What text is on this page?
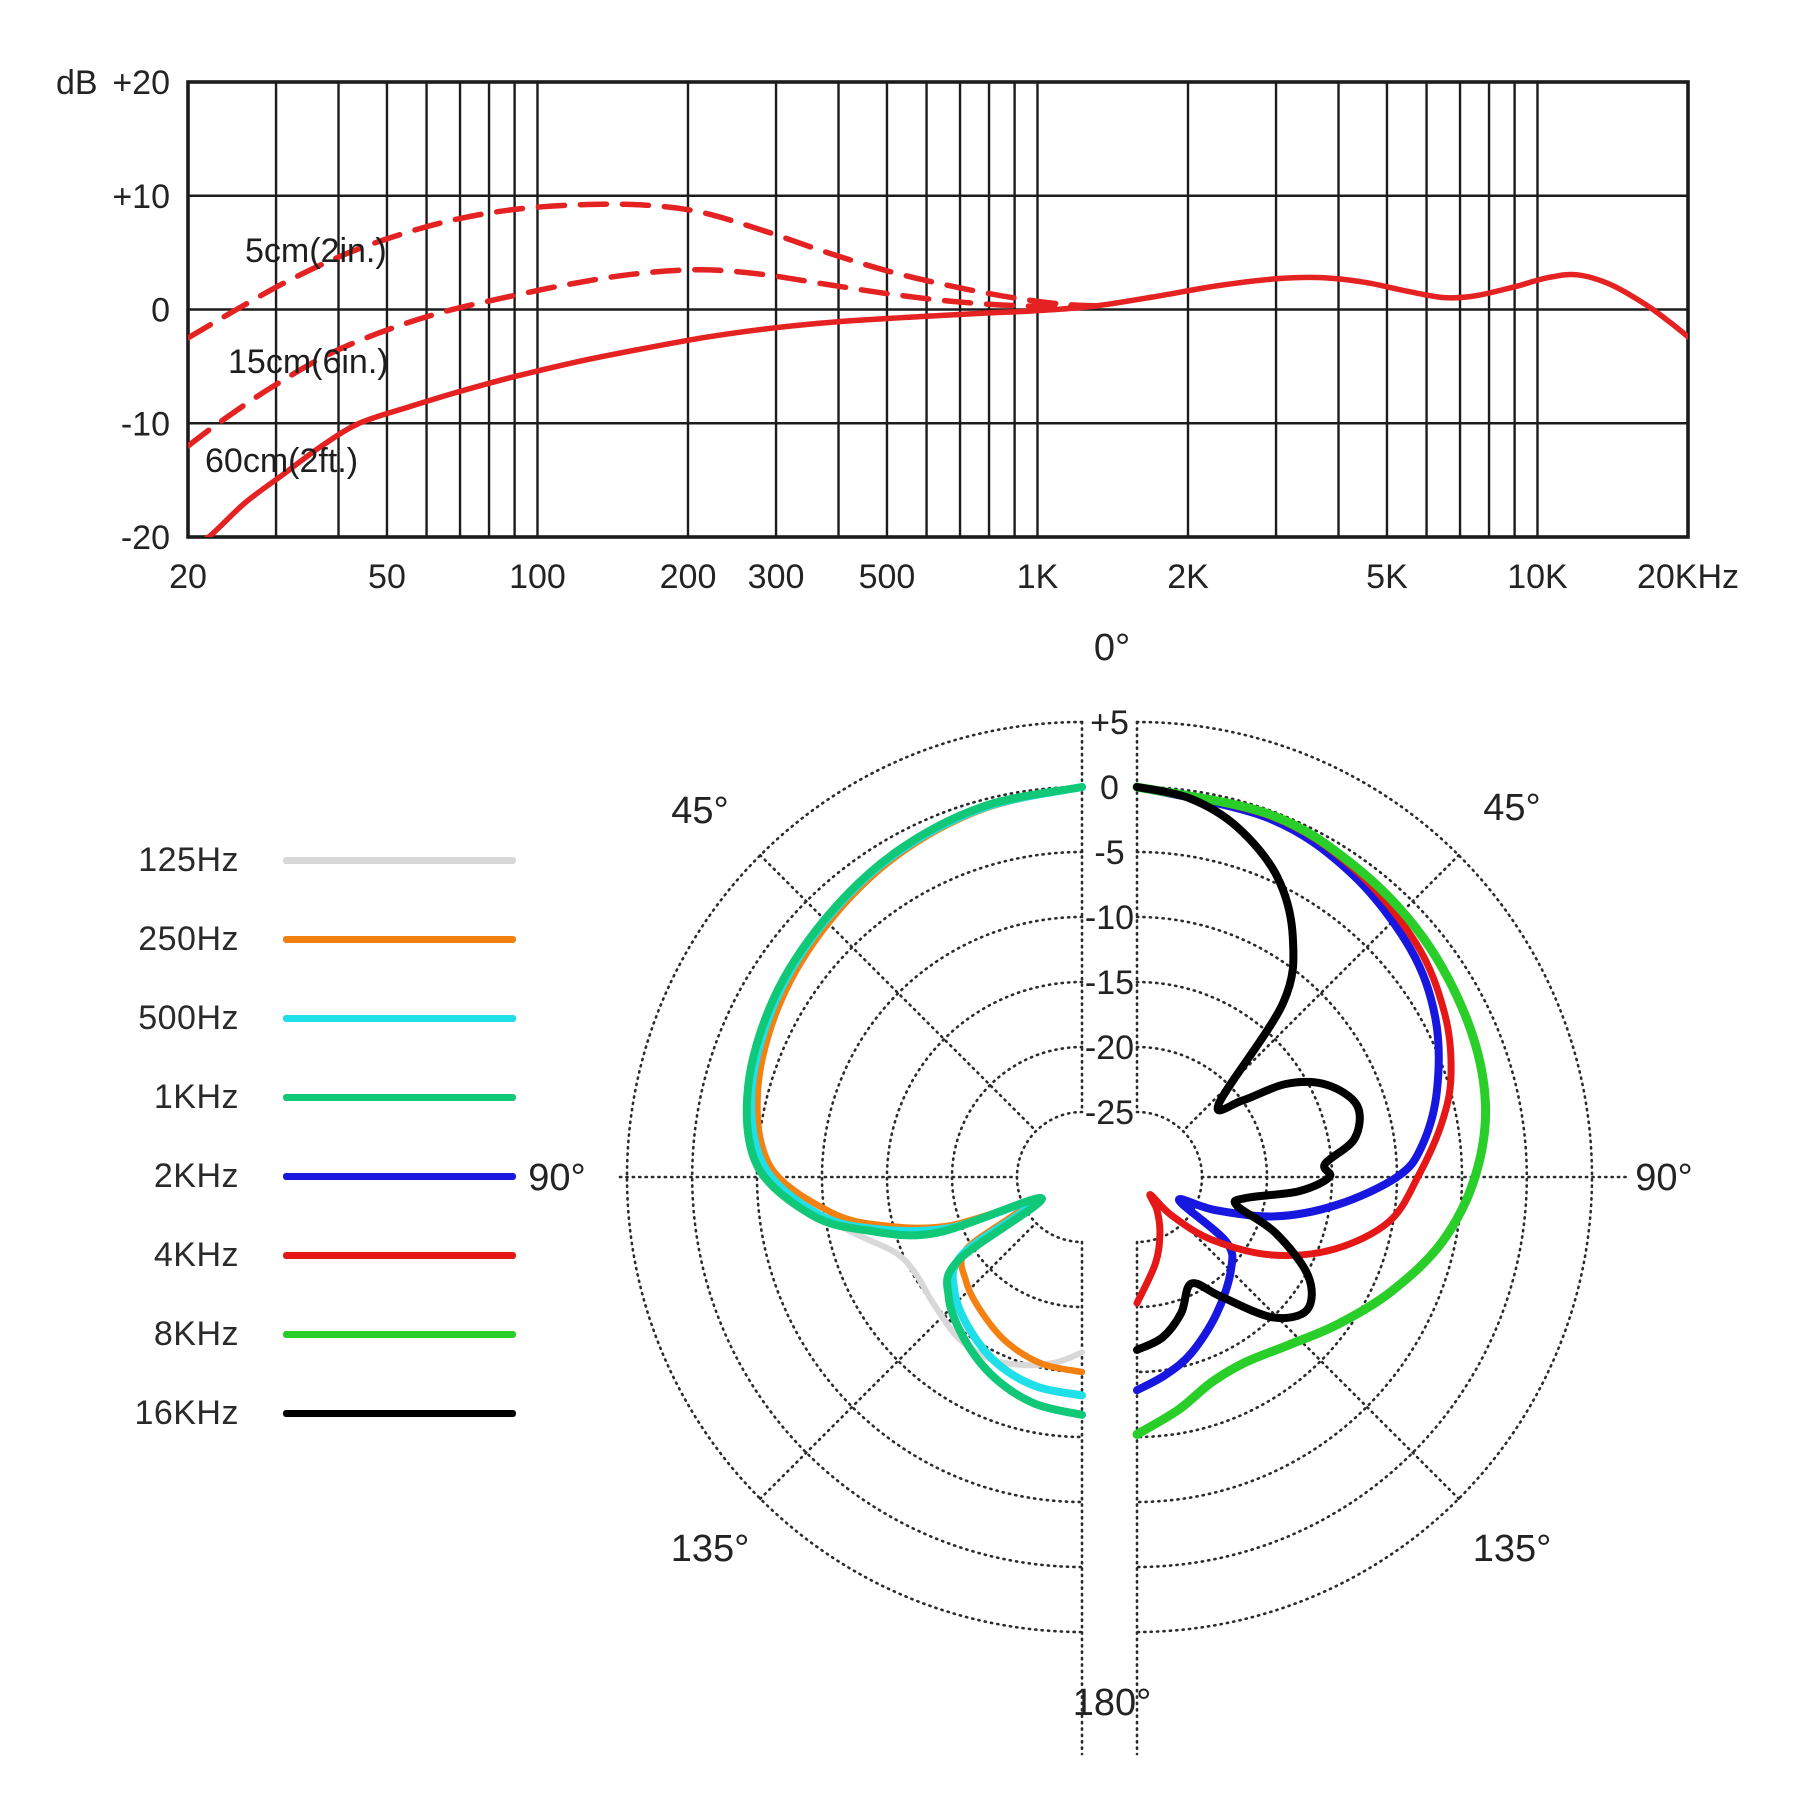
dB +20
+10
0
-10
-20
20	50	100	200 300 500	1K	2K	5K	10K 20KHz
5cm(2in.)
15cm(6in.)
60cm(2ft.)
+5
0
-5
-10
-15
-20
-25
0°
45°	45°
90°	90°
135°	135°
180°
125Hz
250Hz
500Hz
1KHz
2KHz
4KHz
8KHz
16KHz
